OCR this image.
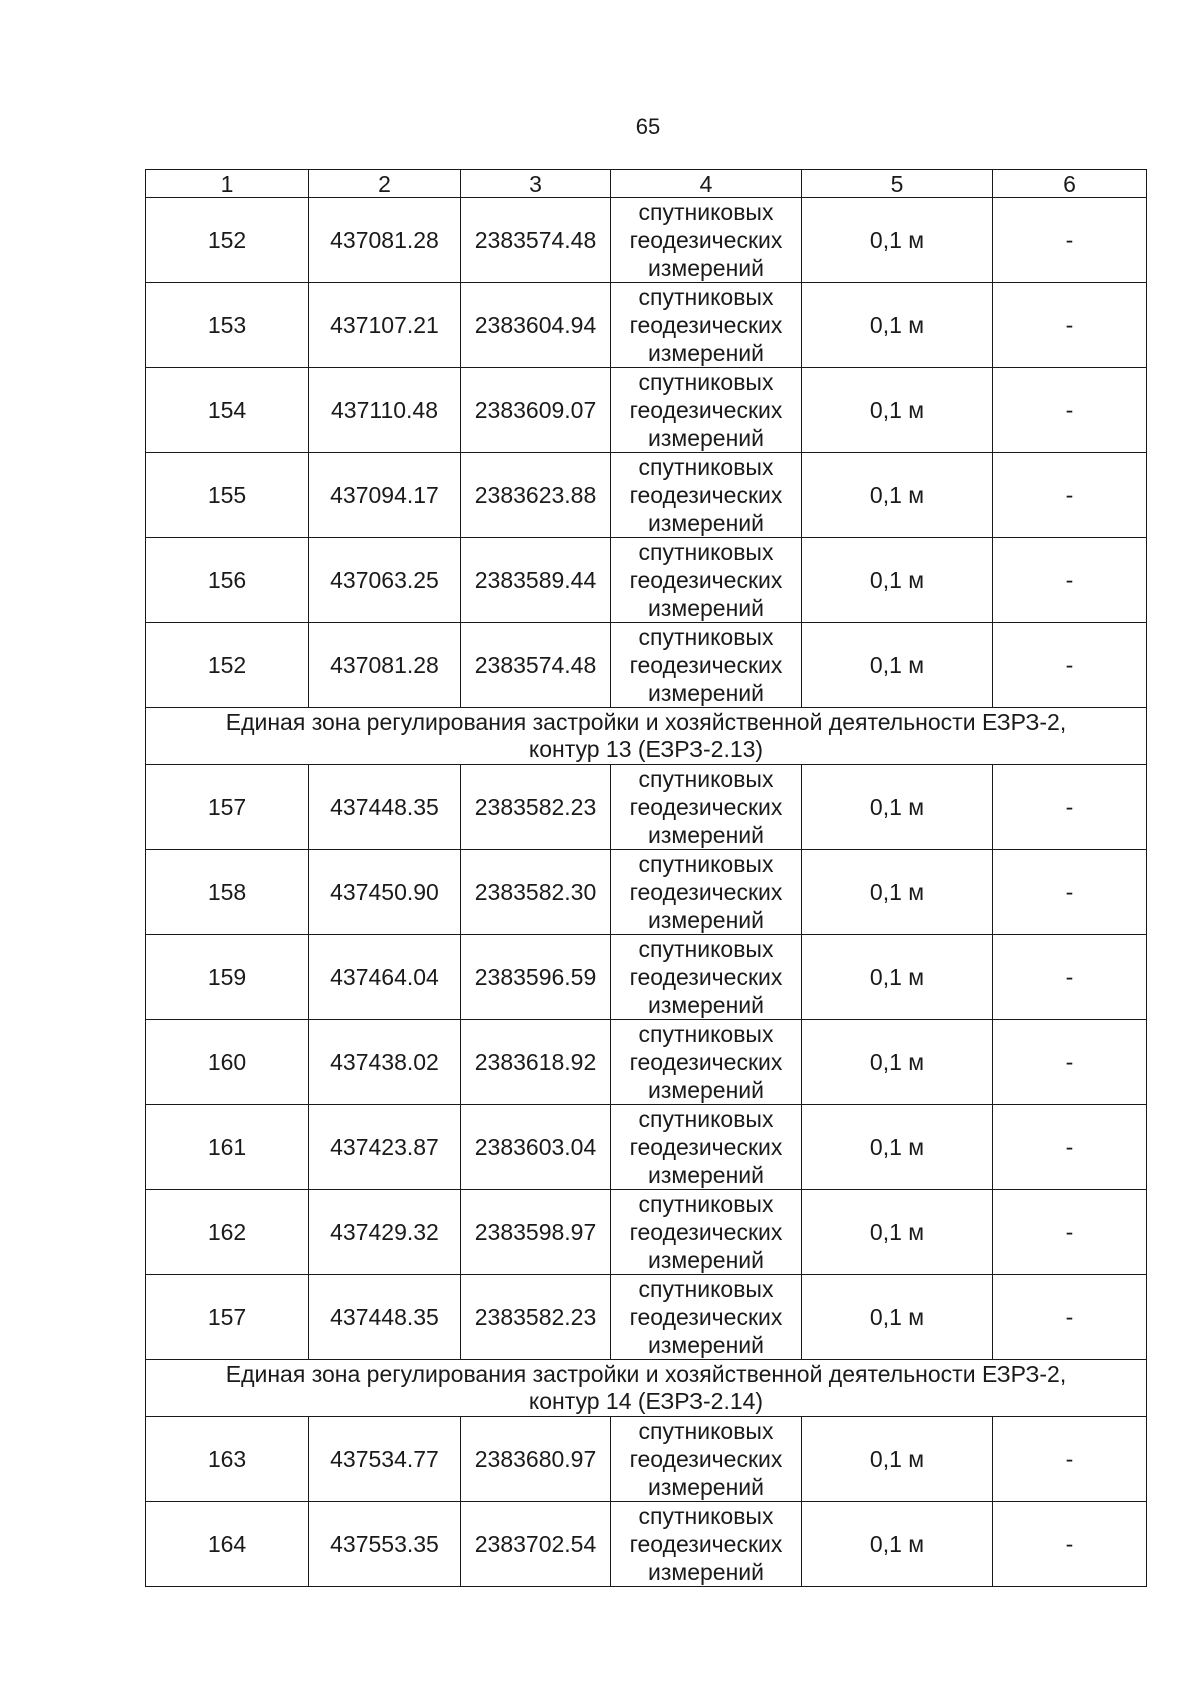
65
1	2	3	4	5	6
152	437081.28	2383574.48	спутниковых
геодезических
измерений	0,1 м	-
153	437107.21	2383604.94	спутниковых
геодезических
измерений	0,1 м	-
154	437110.48	2383609.07	спутниковых
геодезических
измерений	0,1 м	-
155	437094.17	2383623.88	спутниковых
геодезических
измерений	0,1 м	-
156	437063.25	2383589.44	спутниковых
геодезических
измерений	0,1 м	-
152	437081.28	2383574.48	спутниковых
геодезических
измерений	0,1 м	-

Единая зона регулирования застройки и хозяйственной деятельности ЕЗРЗ-2,
контур 13 (ЕЗРЗ-2.13)					

157	437448.35	2383582.23	спутниковых
геодезических
измерений	0,1 м	-
158	437450.90	2383582.30	спутниковых
геодезических
измерений	0,1 м	-
159	437464.04	2383596.59	спутниковых
геодезических
измерений	0,1 м	-
160	437438.02	2383618.92	спутниковых
геодезических
измерений	0,1 м	-
161	437423.87	2383603.04	спутниковых
геодезических
измерений	0,1 м	-
162	437429.32	2383598.97	спутниковых
геодезических
измерений	0,1 м	-
157	437448.35	2383582.23	спутниковых
геодезических
измерений	0,1 м	-

Единая зона регулирования застройки и хозяйственной деятельности ЕЗРЗ-2,
контур 14 (ЕЗРЗ-2.14)					

163	437534.77	2383680.97	спутниковых
геодезических
измерений	0,1 м	-
164	437553.35	2383702.54	спутниковых
геодезических
измерений	0,1 м	-
